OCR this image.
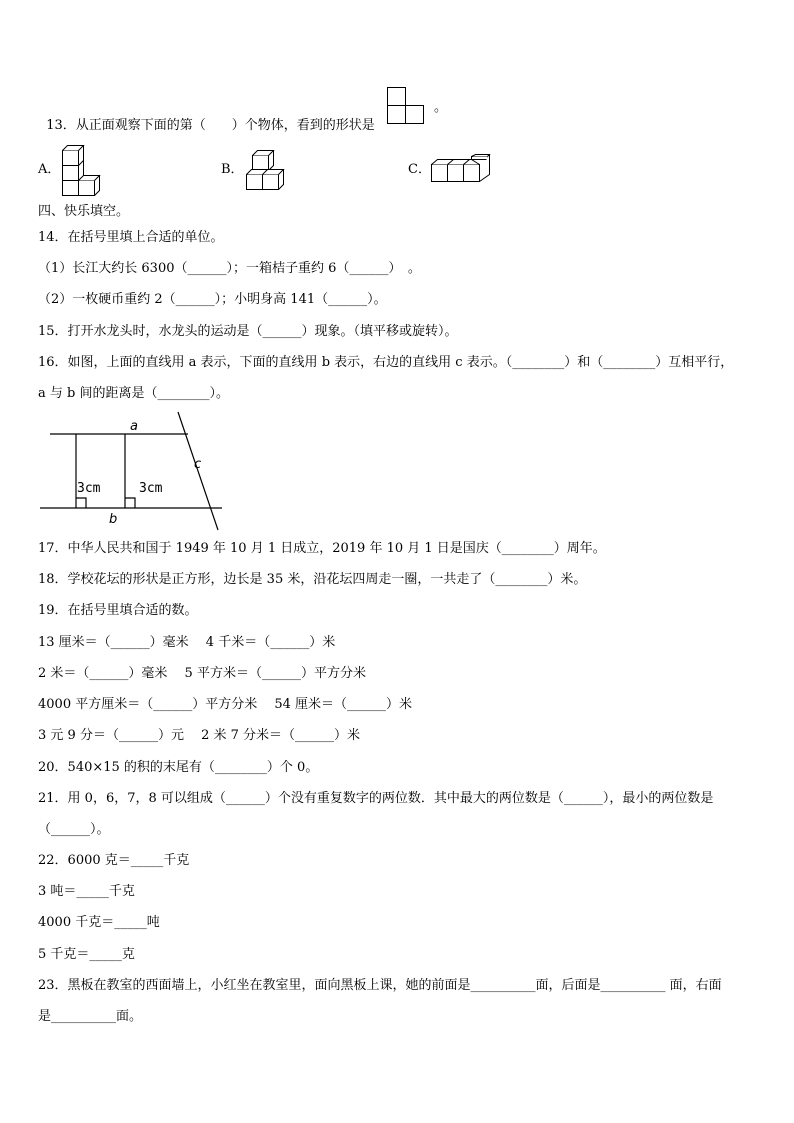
13．从正面观察下面的第（　　）个物体，看到的形状是

。
A．	B．	C．
四、快乐填空。
14．在括号里填上合适的单位。
（1）长江大约长 6300（______）；一箱桔子重约 6（______）　。
（2）一枚硬币重约 2（______）；小明身高 141（______）。
15．打开水龙头时，水龙头的运动是（______）现象。（填平移或旋转）。
16．如图，上面的直线用 a 表示，下面的直线用 b 表示，右边的直线用 c 表示。（________）和（________）互相平行，
a 与 b 间的距离是（________）。
a
b
c
3cm	3cm
17．中华人民共和国于 1949 年 10 月 1 日成立，2019 年 10 月 1 日是国庆（________）周年。
18．学校花坛的形状是正方形，边长是 35 米，沿花坛四周走一圈，一共走了（________）米。
19．在括号里填合适的数。
13 厘米＝（______）毫米　 4 千米＝（______）米
2 米＝（______）毫米　 5 平方米＝（______）平方分米
4000 平方厘米＝（______）平方分米　 54 厘米＝（______）米
3 元 9 分＝（______）元　 2 米 7 分米＝（______）米
20．540×15 的积的末尾有（________）个 0。
21．用 0，6，7，8 可以组成（______）个没有重复数字的两位数．其中最大的两位数是（______），最小的两位数是
（______）。
22．6000 克＝_____千克
3 吨＝_____千克
4000 千克＝_____吨
5 千克＝_____克
23．黑板在教室的西面墙上，小红坐在教室里，面向黑板上课，她的前面是__________面，后面是__________ 面，右面
是__________面。
